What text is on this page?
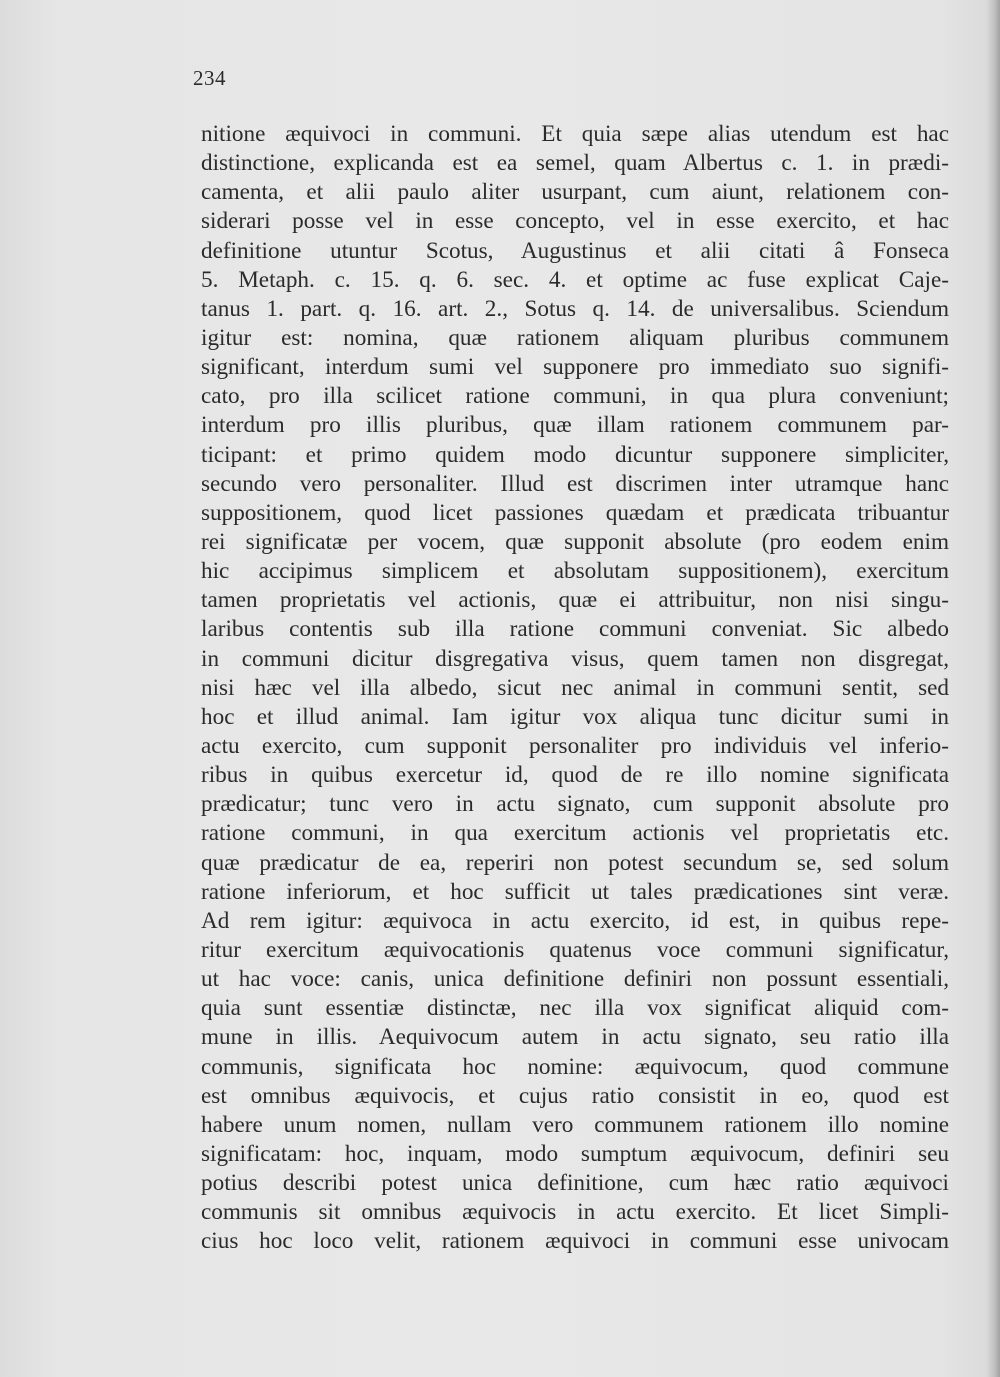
234
nitione æquivoci in communi. Et quia sæpe alias utendum est hac
distinctione, explicanda est ea semel, quam Albertus c. 1. in prædi-
camenta, et alii paulo aliter usurpant, cum aiunt, relationem con-
siderari posse vel in esse concepto, vel in esse exercito, et hac
definitione utuntur Scotus, Augustinus et alii citati â Fonseca
5. Metaph. c. 15. q. 6. sec. 4. et optime ac fuse explicat Caje-
tanus 1. part. q. 16. art. 2., Sotus q. 14. de universalibus. Sciendum
igitur est: nomina, quæ rationem aliquam pluribus communem
significant, interdum sumi vel supponere pro immediato suo signifi-
cato, pro illa scilicet ratione communi, in qua plura conveniunt;
interdum pro illis pluribus, quæ illam rationem communem par-
ticipant: et primo quidem modo dicuntur supponere simpliciter,
secundo vero personaliter. Illud est discrimen inter utramque hanc
suppositionem, quod licet passiones quædam et prædicata tribuantur
rei significatæ per vocem, quæ supponit absolute (pro eodem enim
hic accipimus simplicem et absolutam suppositionem), exercitum
tamen proprietatis vel actionis, quæ ei attribuitur, non nisi singu-
laribus contentis sub illa ratione communi conveniat. Sic albedo
in communi dicitur disgregativa visus, quem tamen non disgregat,
nisi hæc vel illa albedo, sicut nec animal in communi sentit, sed
hoc et illud animal. Iam igitur vox aliqua tunc dicitur sumi in
actu exercito, cum supponit personaliter pro individuis vel inferio-
ribus in quibus exercetur id, quod de re illo nomine significata
prædicatur; tunc vero in actu signato, cum supponit absolute pro
ratione communi, in qua exercitum actionis vel proprietatis etc.
quæ prædicatur de ea, reperiri non potest secundum se, sed solum
ratione inferiorum, et hoc sufficit ut tales prædicationes sint veræ.
Ad rem igitur: æquivoca in actu exercito, id est, in quibus repe-
ritur exercitum æquivocationis quatenus voce communi significatur,
ut hac voce: canis, unica definitione definiri non possunt essentiali,
quia sunt essentiæ distinctæ, nec illa vox significat aliquid com-
mune in illis. Aequivocum autem in actu signato, seu ratio illa
communis, significata hoc nomine: æquivocum, quod commune
est omnibus æquivocis, et cujus ratio consistit in eo, quod est
habere unum nomen, nullam vero communem rationem illo nomine
significatam: hoc, inquam, modo sumptum æquivocum, definiri seu
potius describi potest unica definitione, cum hæc ratio æquivoci
communis sit omnibus æquivocis in actu exercito. Et licet Simpli-
cius hoc loco velit, rationem æquivoci in communi esse univocam
